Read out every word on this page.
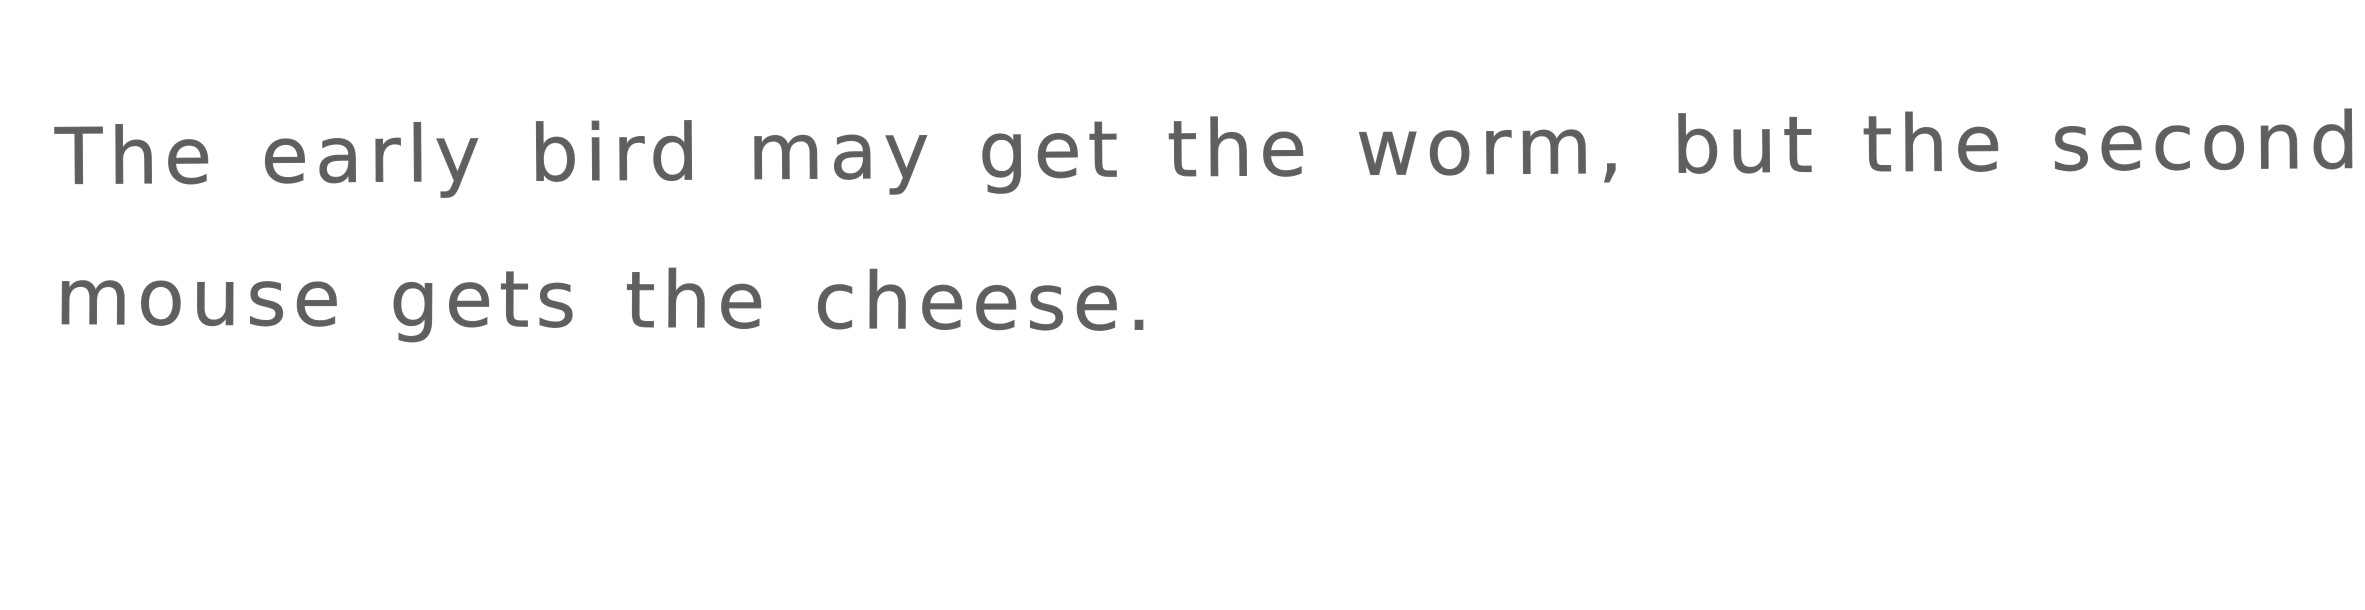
The early bird may get the worm, but the second
mouse gets the cheese.
